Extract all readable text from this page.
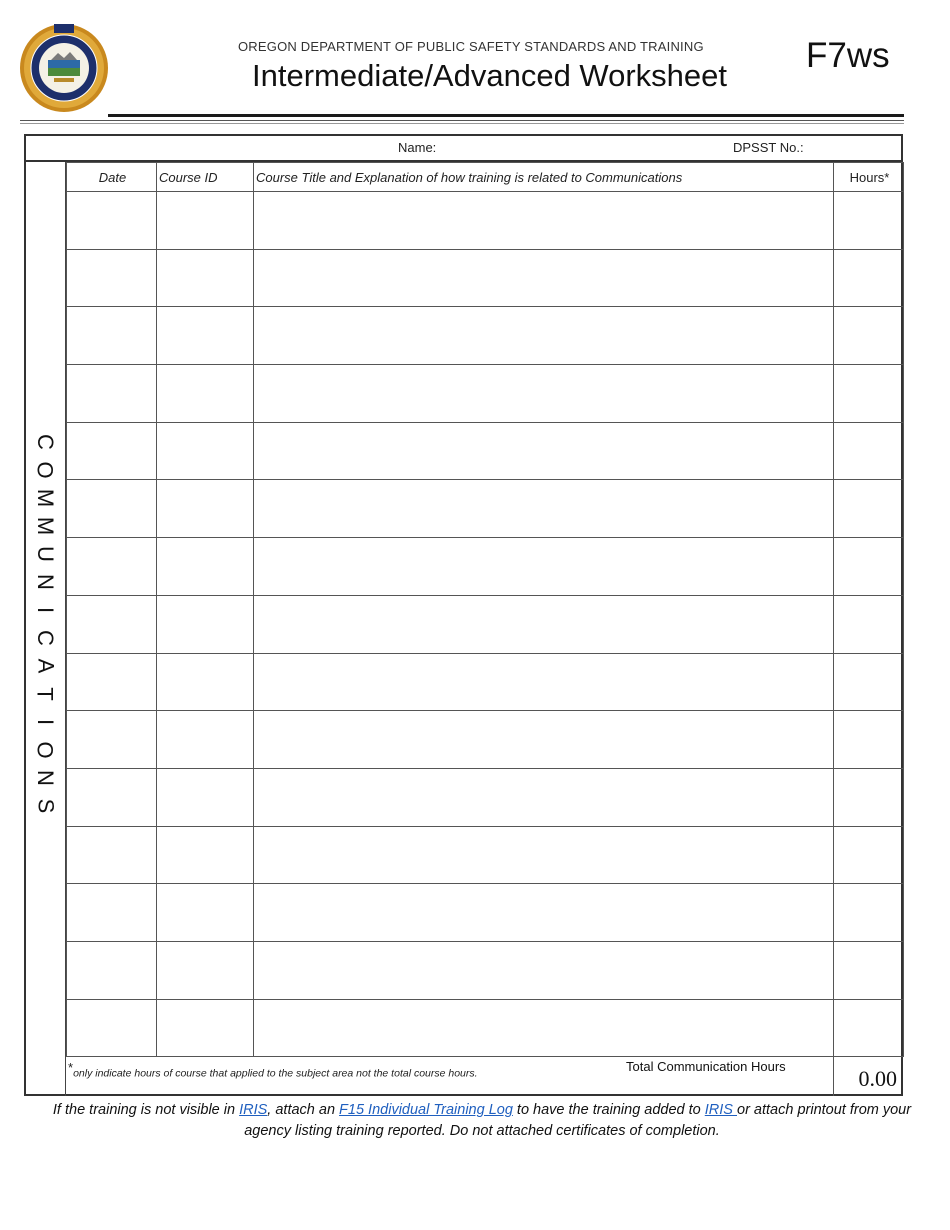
OREGON DEPARTMENT OF PUBLIC SAFETY STANDARDS AND TRAINING
Intermediate/Advanced Worksheet
F7ws
Name:	DPSST No.:
C
O
M
M
U
N
I
C
A
T
I
O
N
S
Date	Course ID	Course Title and Explanation of how training is related to Communications	Hours*

*only indicate hours of course that applied to the subject area not the total course hours.	Total Communication Hours	0.00
If the training is not visible in IRIS, attach an F15 Individual Training Log to have the training added to IRIS or attach printout from your agency listing training reported. Do not attached certificates of completion.
